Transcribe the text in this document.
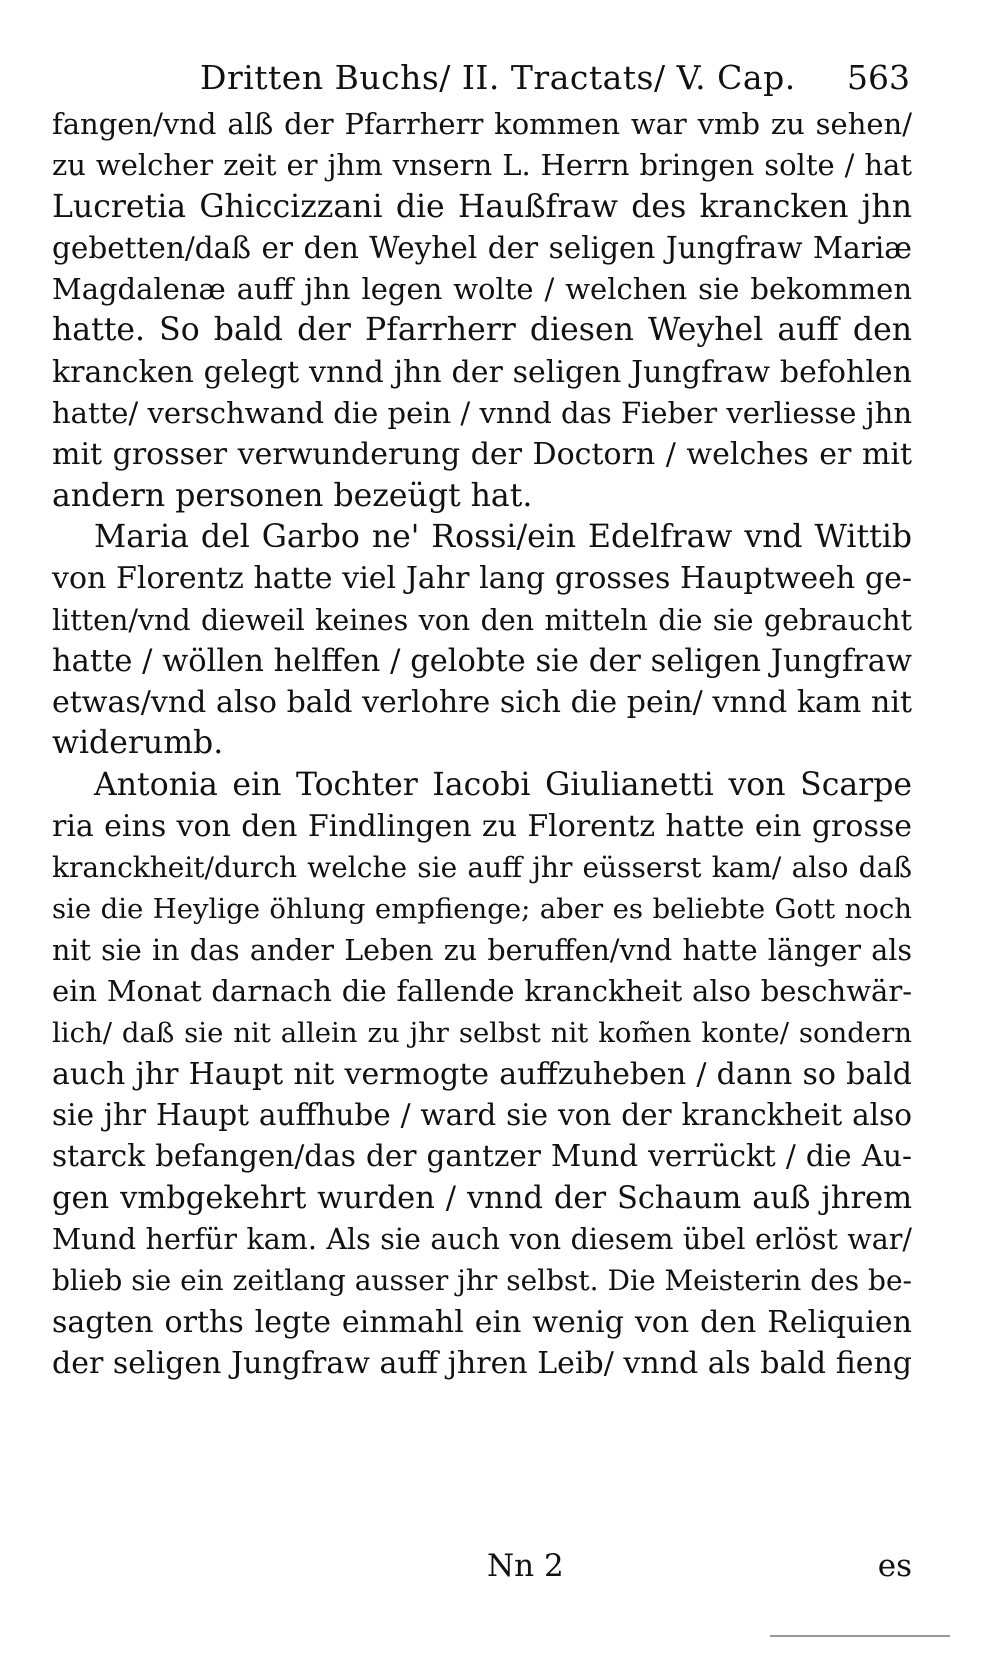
Dritten Buchs/ II. Tractats/ V. Cap. 563
fangen/vnd alß der Pfarrherr kommen war vmb zu sehen/
zu welcher zeit er jhm vnsern L. Herrn bringen solte / hat
Lucretia Ghiccizzani die Haußfraw des krancken jhn
gebetten/daß er den Weyhel der seligen Jungfraw Mariæ
Magdalenæ auff jhn legen wolte / welchen sie bekommen
hatte. So bald der Pfarrherr diesen Weyhel auff den
krancken gelegt vnnd jhn der seligen Jungfraw befohlen
hatte/ verschwand die pein / vnnd das Fieber verliesse jhn
mit grosser verwunderung der Doctorn / welches er mit
andern personen bezeügt hat.
Maria del Garbo ne' Rossi/ein Edelfraw vnd Wittib
von Florentz hatte viel Jahr lang grosses Hauptweeh ge-
litten/vnd dieweil keines von den mitteln die sie gebraucht
hatte / wöllen helffen / gelobte sie der seligen Jungfraw
etwas/vnd also bald verlohre sich die pein/ vnnd kam nit
widerumb.
Antonia ein Tochter Iacobi Giulianetti von Scarpe
ria eins von den Findlingen zu Florentz hatte ein grosse
kranckheit/durch welche sie auff jhr eüsserst kam/ also daß
sie die Heylige öhlung empfienge; aber es beliebte Gott noch
nit sie in das ander Leben zu beruffen/vnd hatte länger als
ein Monat darnach die fallende kranckheit also beschwär-
lich/ daß sie nit allein zu jhr selbst nit kom̃en konte/ sondern
auch jhr Haupt nit vermogte auffzuheben / dann so bald
sie jhr Haupt auffhube / ward sie von der kranckheit also
starck befangen/das der gantzer Mund verrückt / die Au-
gen vmbgekehrt wurden / vnnd der Schaum auß jhrem
Mund herfür kam. Als sie auch von diesem übel erlöst war/
blieb sie ein zeitlang ausser jhr selbst. Die Meisterin des be-
sagten orths legte einmahl ein wenig von den Reliquien
der seligen Jungfraw auff jhren Leib/ vnnd als bald fieng
Nn 2	es
